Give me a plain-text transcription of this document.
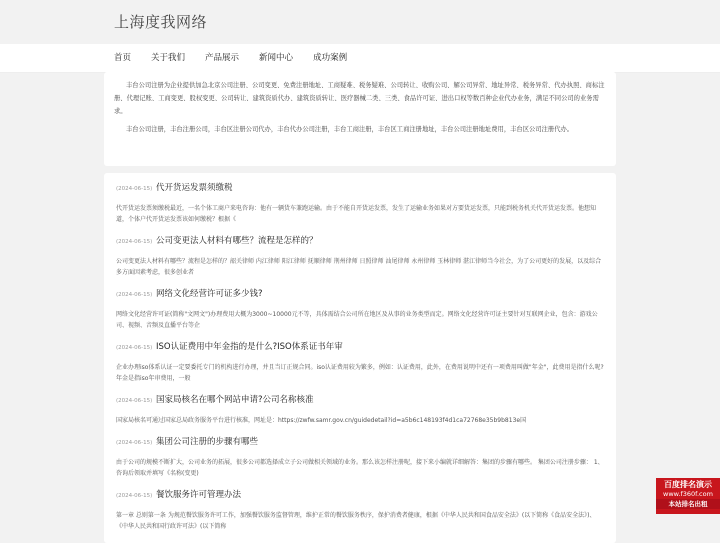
上海度我网络
首页	关于我们	产品展示	新闻中心	成功案例

丰台公司注册为企业提供加急北京公司注册、公司变更、免费注册地址、工商疑难、税务疑难、公司转让、收购公司、解公司异常、地址异常、税务异常、代办执照、商标注册、代理记账、工商变更、股权变更、公司转让、建筑资质代办、建筑资质转让、医疗器械二类、三类、食品许可证、进出口权等数百种企业代办业务，满足不同公司的业务需求。

丰台公司注册，丰台注册公司，丰台区注册公司代办，丰台代办公司注册，丰台工商注册，丰台区工商注册地址，丰台公司注册地址费用，丰台区公司注册代办。

(2024-06-15) 代开货运发票须缴税
代开货运发票须缴税最近，一名个体工商户来电咨询：他有一辆货车兼跑运输。由于不能自开货运发票，发生了运输业务如果对方要货运发票，只能到税务机关代开货运发票。他想知道，个体户代开货运发票该如何缴税？根据《
(2024-06-15) 公司变更法人材料有哪些？流程是怎样的？
公司变更法人材料有哪些？流程是怎样的？韶关律师 内江律师 阳江律师 抚顺律师 荆州律师 日照律师 汕尾律师 永州律师 玉林律师 湛江律师当今社会，为了公司更好的发展，以及综合多方面因素考虑，很多创业者
(2024-06-15) 网络文化经营许可证多少钱?
网络文化经营许可证(简称"文网文")办理费用大概为3000~10000元不等，具体需结合公司所在地区及从事的业务类型而定。网络文化经营许可证主要针对互联网企业，包含：游戏公司、视频、音频及直播平台等企
(2024-06-15) ISO认证费用中年金指的是什么?ISO体系证书年审
企业办理iso体系认证一定要委托专门的机构进行办理，并且当订正规合同。iso认证费用较为繁多，例如：认证费用，此外，在费用说明中还有一项费用叫做"年金"，此费用是指什么呢?年金是指iso年审费用，一般
(2024-06-15) 国家局核名在哪个网站申请?公司名称核准
国家局核名可通过国家总局政务服务平台进行核准，网址是：https://zwfw.samr.gov.cn/guidedetail?id=a5b6c148193f4d1ca72768e35b9b813e国
(2024-06-15) 集团公司注册的步骤有哪些
由于公司的规模不断扩大，公司业务的拓展，很多公司都选择成立子公司做相关领域的业务。那么该怎样注册呢，接下来小编就详细解答：集团的步骤有哪些。 集团公司注册步骤： 1、咨询后领取并填写《名称(变更)
(2024-06-15) 餐饮服务许可管理办法
第一章 总则第一条 为规范餐饮服务许可工作，加强餐饮服务监督管理，维护正常的餐饮服务秩序，保护消费者健康，根据《中华人民共和国食品安全法》(以下简称《食品安全法》)、《中华人民共和国行政许可法》(以下简称
百度排名演示
www.f360f.com
本站排名出租
